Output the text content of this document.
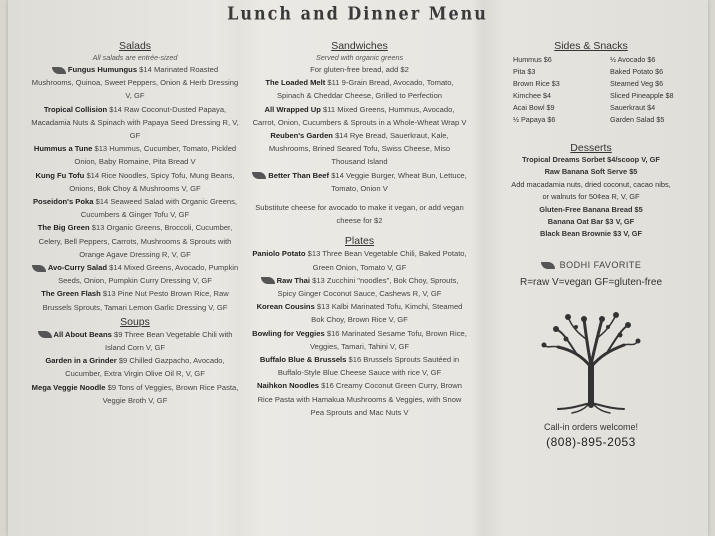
Lunch and Dinner Menu
Salads
All salads are entrée-sized
Fungus Humungus $14 Marinated Roasted Mushrooms, Quinoa, Sweet Peppers, Onion & Herb Dressing V, GF
Tropical Collision $14 Raw Coconut-Dusted Papaya, Macadamia Nuts & Spinach with Papaya Seed Dressing R, V, GF
Hummus a Tune $13 Hummus, Cucumber, Tomato, Pickled Onion, Baby Romaine, Pita Bread V
Kung Fu Tofu $14 Rice Noodles, Spicy Tofu, Mung Beans, Onions, Bok Choy & Mushrooms V, GF
Poseidon's Poka $14 Seaweed Salad with Organic Greens, Cucumbers & Ginger Tofu V, GF
The Big Green $13 Organic Greens, Broccoli, Cucumber, Celery, Bell Peppers, Carrots, Mushrooms & Sprouts with Orange Agave Dressing R, V, GF
Avo-Curry Salad $14 Mixed Greens, Avocado, Pumpkin Seeds, Onion, Pumpkin Curry Dressing V, GF
The Green Flash $13 Pine Nut Pesto Brown Rice, Raw Brussels Sprouts, Tamari Lemon Garlic Dressing V, GF
Soups
All About Beans $9 Three Bean Vegetable Chili with Island Corn V, GF
Garden in a Grinder $9 Chilled Gazpacho, Avocado, Cucumber, Extra Virgin Olive Oil R, V, GF
Mega Veggie Noodle $9 Tons of Veggies, Brown Rice Pasta, Veggie Broth V, GF
Sandwiches
Served with organic greens
For gluten-free bread, add $2
The Loaded Melt $11 9-Grain Bread, Avocado, Tomato, Spinach & Cheddar Cheese, Grilled to Perfection
All Wrapped Up $11 Mixed Greens, Hummus, Avocado, Carrot, Onion, Cucumbers & Sprouts in a Whole-Wheat Wrap V
Reuben's Garden $14 Rye Bread, Sauerkraut, Kale, Mushrooms, Brined Seared Tofu, Swiss Cheese, Miso Thousand Island
Better Than Beef $14 Veggie Burger, Wheat Bun, Lettuce, Tomato, Onion V
Substitute cheese for avocado to make it vegan, or add vegan cheese for $2
Plates
Paniolo Potato $13 Three Bean Vegetable Chili, Baked Potato, Green Onion, Tomato V, GF
Raw Thai $13 Zucchini "noodles", Bok Choy, Sprouts, Spicy Ginger Coconut Sauce, Cashews R, V, GF
Korean Cousins $13 Kalbi Marinated Tofu, Kimchi, Steamed Bok Choy, Brown Rice V, GF
Bowling for Veggies $16 Marinated Sesame Tofu, Brown Rice, Veggies, Tamari, Tahini V, GF
Buffalo Blue & Brussels $16 Brussels Sprouts Sautéed in Buffalo-Style Blue Cheese Sauce with rice V, GF
Naihkon Noodles $16 Creamy Coconut Green Curry, Brown Rice Pasta with Hamakua Mushrooms & Veggies, with Snow Pea Sprouts and Mac Nuts V
Sides & Snacks
Hummus $6	½ Avocado $6
Pita $3	Baked Potato $6
Brown Rice $3	Steamed Veg $6
Kimchee $4	Sliced Pineapple $8
Acai Bowl $9	Sauerkraut $4
½ Papaya $6	Garden Salad $5
Desserts
Tropical Dreams Sorbet $4/scoop V, GF
Raw Banana Soft Serve $5
Add macadamia nuts, dried coconut, cacao nibs,
or walnuts for 50¢ea R, V, GF
Gluten-Free Banana Bread $5
Banana Oat Bar $3 V, GF
Black Bean Brownie $3 V, GF
BODHI FAVORITE
R=raw V=vegan GF=gluten-free
Call-in orders welcome!
(808)-895-2053
